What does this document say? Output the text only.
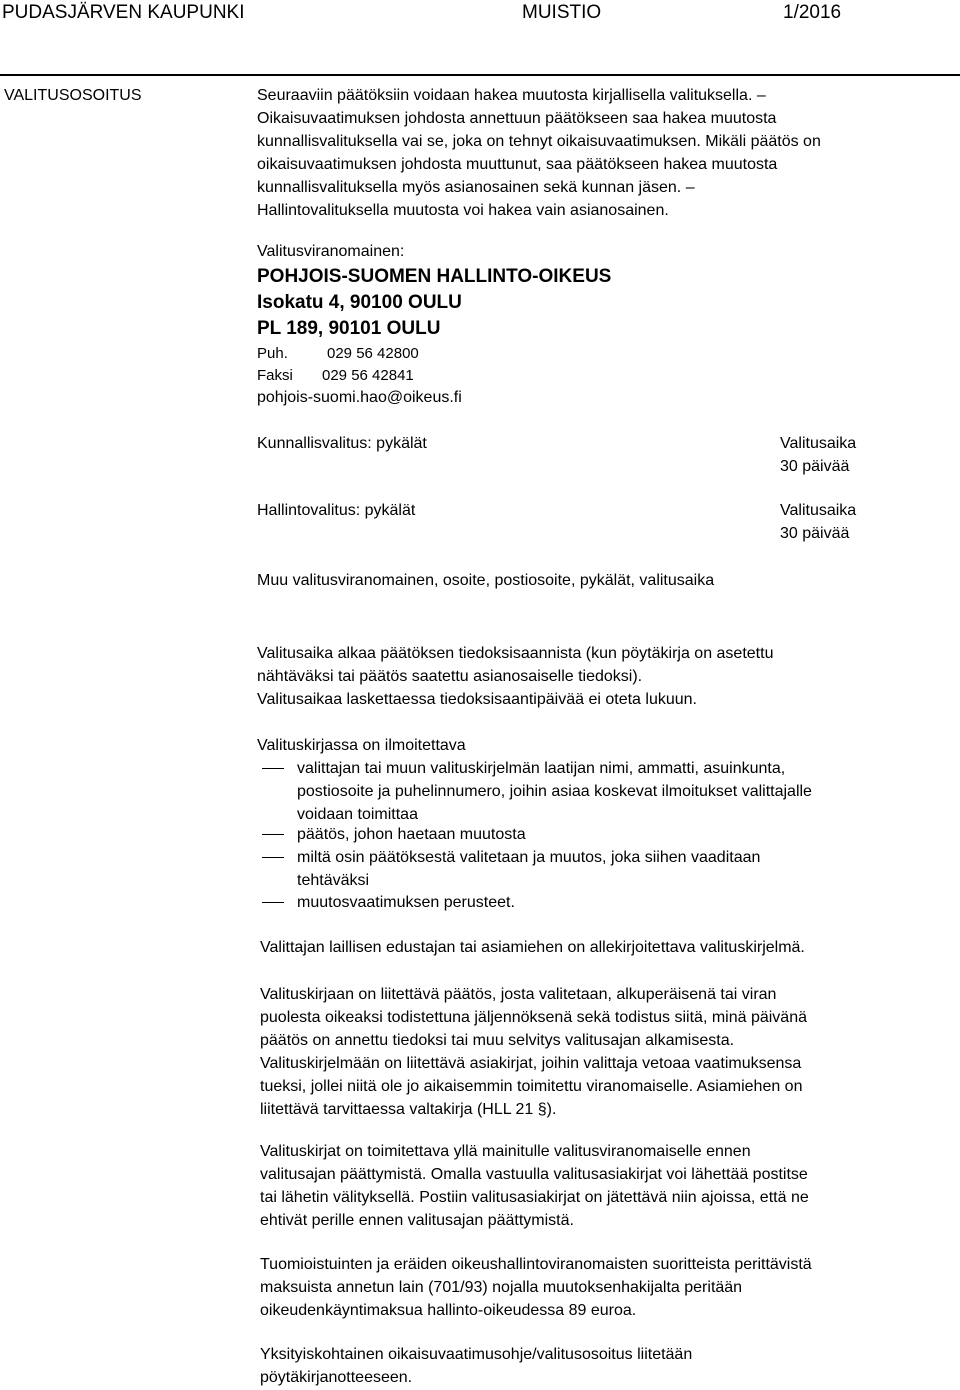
PUDASJÄRVEN KAUPUNKI	MUISTIO	1/2016
VALITUSOSOITUS	Seuraaviin päätöksiin voidaan hakea muutosta kirjallisella valituksella. –
Oikaisuvaatimuksen johdosta annettuun päätökseen saa hakea muutosta
kunnallisvalituksella vai se, joka on tehnyt oikaisuvaatimuksen. Mikäli päätös on
oikaisuvaatimuksen johdosta muuttunut, saa päätökseen hakea muutosta
kunnallisvalituksella myös asianosainen sekä kunnan jäsen. –
Hallintovalituksella muutosta voi hakea vain asianosainen.
Valitusviranomainen:
POHJOIS-SUOMEN HALLINTO-OIKEUS
Isokatu 4, 90100 OULU
PL 189, 90101 OULU
Puh.	029 56 42800
Faksi 029 56 42841
pohjois-suomi.hao@oikeus.fi
Kunnallisvalitus: pykälät	Valitusaika
30 päivää
Hallintovalitus: pykälät	Valitusaika
30 päivää
Muu valitusviranomainen, osoite, postiosoite, pykälät, valitusaika
Valitusaika alkaa päätöksen tiedoksisaannista (kun pöytäkirja on asetettu
nähtäväksi tai päätös saatettu asianosaiselle tiedoksi).
Valitusaikaa laskettaessa tiedoksisaantipäivää ei oteta lukuun.
Valituskirjassa on ilmoitettava
valittajan tai muun valituskirjelmän laatijan nimi, ammatti, asuinkunta,
postiosoite ja puhelinnumero, joihin asiaa koskevat ilmoitukset valittajalle
voidaan toimittaa
päätös, johon haetaan muutosta
miltä osin päätöksestä valitetaan ja muutos, joka siihen vaaditaan
tehtäväksi
muutosvaatimuksen perusteet.
Valittajan laillisen edustajan tai asiamiehen on allekirjoitettava valituskirjelmä.
Valituskirjaan on liitettävä päätös, josta valitetaan, alkuperäisenä tai viran
puolesta oikeaksi todistettuna jäljennöksenä sekä todistus siitä, minä päivänä
päätös on annettu tiedoksi tai muu selvitys valitusajan alkamisesta.
Valituskirjelmään on liitettävä asiakirjat, joihin valittaja vetoaa vaatimuksensa
tueksi, jollei niitä ole jo aikaisemmin toimitettu viranomaiselle. Asiamiehen on
liitettävä tarvittaessa valtakirja (HLL 21 §).
Valituskirjat on toimitettava yllä mainitulle valitusviranomaiselle ennen
valitusajan päättymistä. Omalla vastuulla valitusasiakirjat voi lähettää postitse
tai lähetin välityksellä. Postiin valitusasiakirjat on jätettävä niin ajoissa, että ne
ehtivät perille ennen valitusajan päättymistä.
Tuomioistuinten ja eräiden oikeushallintoviranomaisten suoritteista perittävistä
maksuista annetun lain (701/93) nojalla muutoksenhakijalta peritään
oikeudenkäyntimaksua hallinto-oikeudessa 89 euroa.
Yksityiskohtainen oikaisuvaatimusohje/valitusosoitus liitetään
pöytäkirjanotteeseen.
